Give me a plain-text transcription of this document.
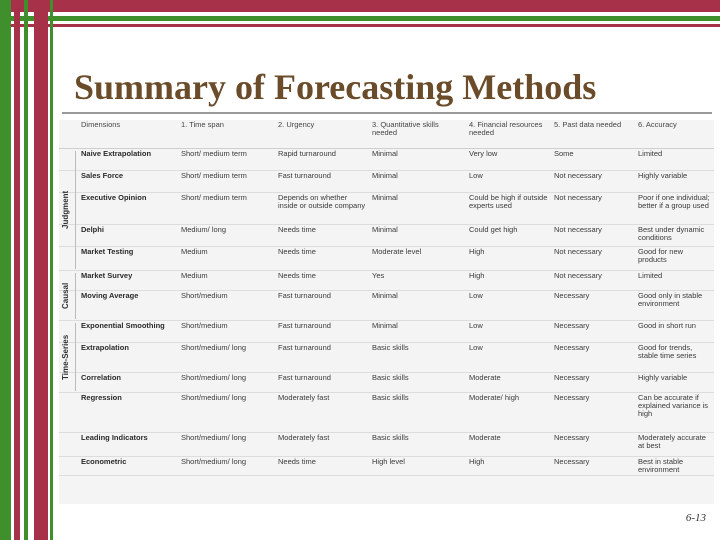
Summary of Forecasting Methods
	Dimensions	1. Time span	2. Urgency	3. Quantitative skills needed	4. Financial resources needed	5. Past data needed	6. Accuracy
	Naive Extrapolation	Short/ medium term	Rapid turnaround	Minimal	Very low	Some	Limited
	Sales Force	Short/ medium term	Fast turnaround	Minimal	Low	Not necessary	Highly variable
	Executive Opinion	Short/ medium term	Depends on whether inside or outside company	Minimal	Could be high if outside experts used	Not necessary	Poor if one individual; better if a group used
	Delphi	Medium/ long	Needs time	Minimal	Could get high	Not necessary	Best under dynamic conditions
	Market Testing	Medium	Needs time	Moderate level	High	Not necessary	Good for new products
	Market Survey	Medium	Needs time	Yes	High	Not necessary	Limited
	Moving Average	Short/medium	Fast turnaround	Minimal	Low	Necessary	Good only in stable environment
	Exponential Smoothing	Short/medium	Fast turnaround	Minimal	Low	Necessary	Good in short run
	Extrapolation	Short/medium/ long	Fast turnaround	Basic skills	Low	Necessary	Good for trends, stable time series
	Correlation	Short/medium/ long	Fast turnaround	Basic skills	Moderate	Necessary	Highly variable
	Regression	Short/medium/ long	Moderately fast	Basic skills	Moderate/ high	Necessary	Can be accurate if explained variance is high
	Leading Indicators	Short/medium/ long	Moderately fast	Basic skills	Moderate	Necessary	Moderately accurate at best
	Econometric	Short/medium/ long	Needs time	High level	High	Necessary	Best in stable environment
Judgment
Causal
Time-Series
6-13
